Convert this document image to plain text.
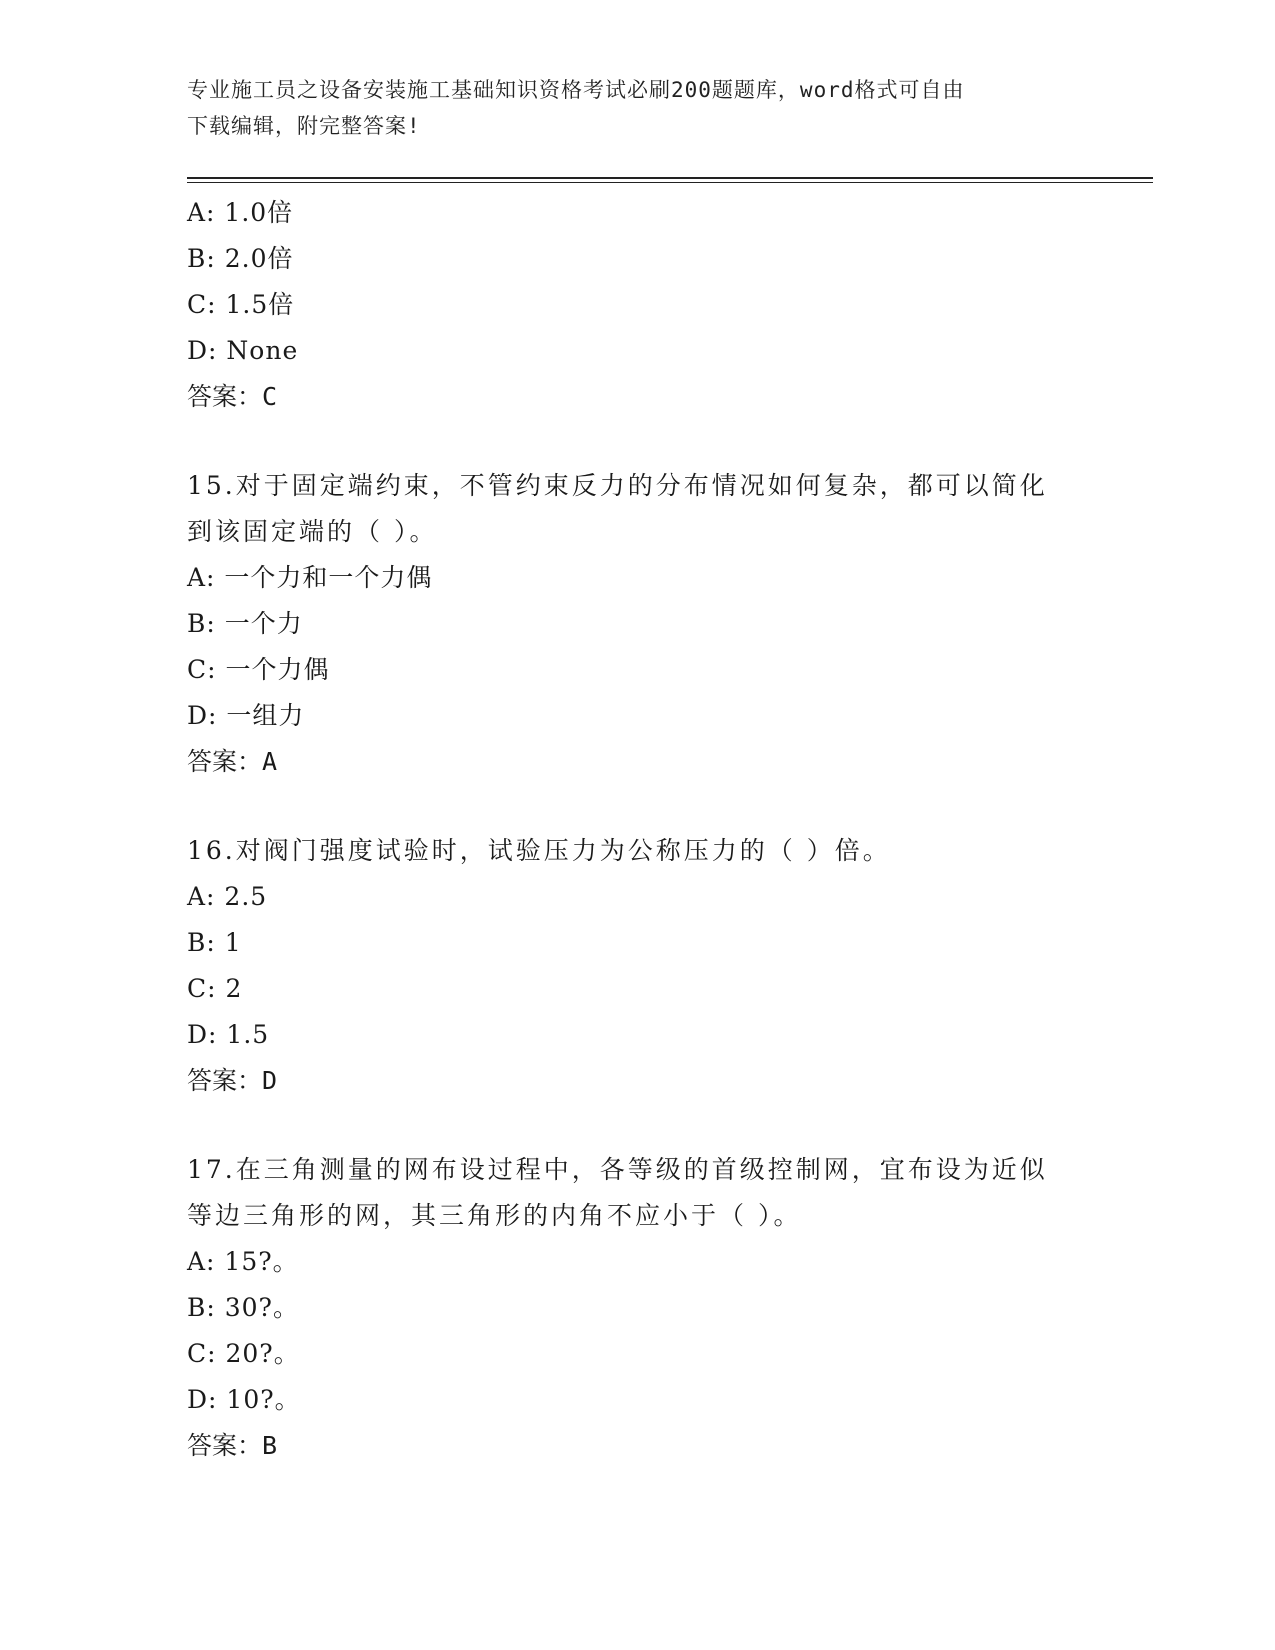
专业施工员之设备安装施工基础知识资格考试必刷200题题库，word格式可自由
下载编辑，附完整答案!
A: 1.0倍
B: 2.0倍
C: 1.5倍
D: None
答案：C
15.对于固定端约束，不管约束反力的分布情况如何复杂，都可以简化
到该固定端的（ ）。
A: 一个力和一个力偶
B: 一个力
C: 一个力偶
D: 一组力
答案：A
16.对阀门强度试验时，试验压力为公称压力的（ ）倍。
A: 2.5
B: 1
C: 2
D: 1.5
答案：D
17.在三角测量的网布设过程中，各等级的首级控制网，宜布设为近似
等边三角形的网，其三角形的内角不应小于（ ）。
A: 15?。
B: 30?。
C: 20?。
D: 10?。
答案：B
